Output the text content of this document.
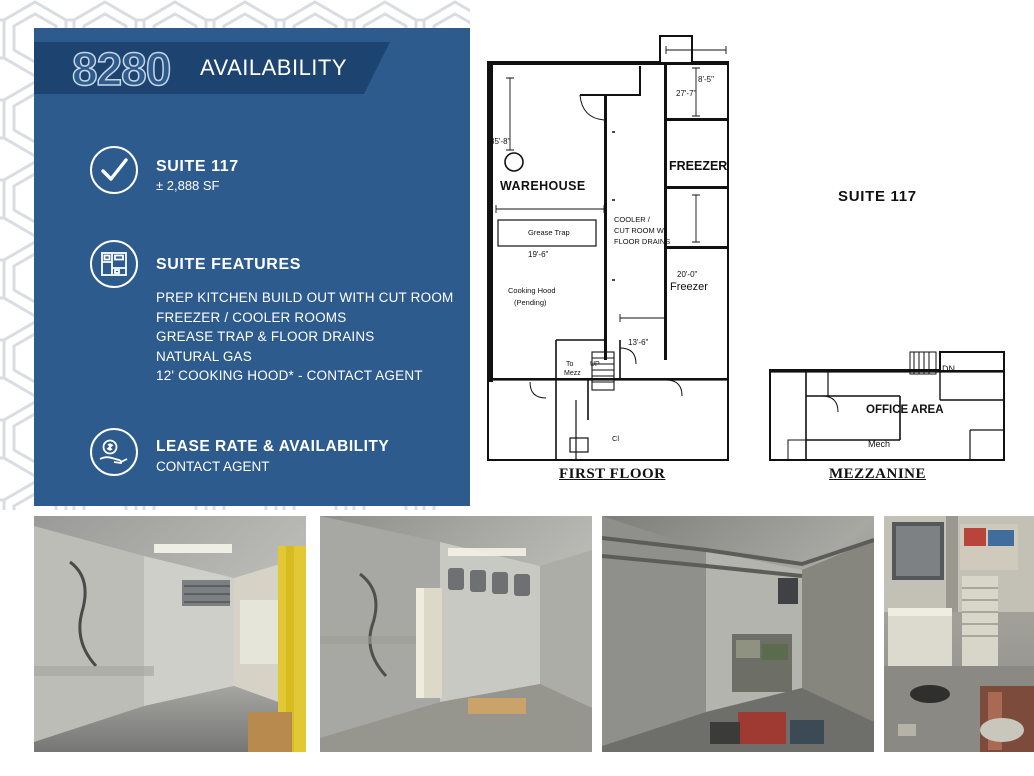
8280 AVAILABILITY
SUITE 117
± 2,888 SF
SUITE FEATURES
PREP KITCHEN BUILD OUT WITH CUT ROOM
FREEZER / COOLER ROOMS
GREASE TRAP & FLOOR DRAINS
NATURAL GAS
12' COOKING HOOD* - CONTACT AGENT
LEASE RATE & AVAILABILITY
CONTACT AGENT
WAREHOUSE
FREEZER
COOLER /
CUT ROOM W/
FLOOR DRAINS
Freezer
Grease Trap
Cooking Hood
(Pending)
To
Mezz
UP
Cl
8'-5"
27'-7"
35'-8"
19'-6"
20'-0"
13'-6"
OFFICE AREA
Mech
DN
SUITE 117
FIRST FLOOR	MEZZANINE
